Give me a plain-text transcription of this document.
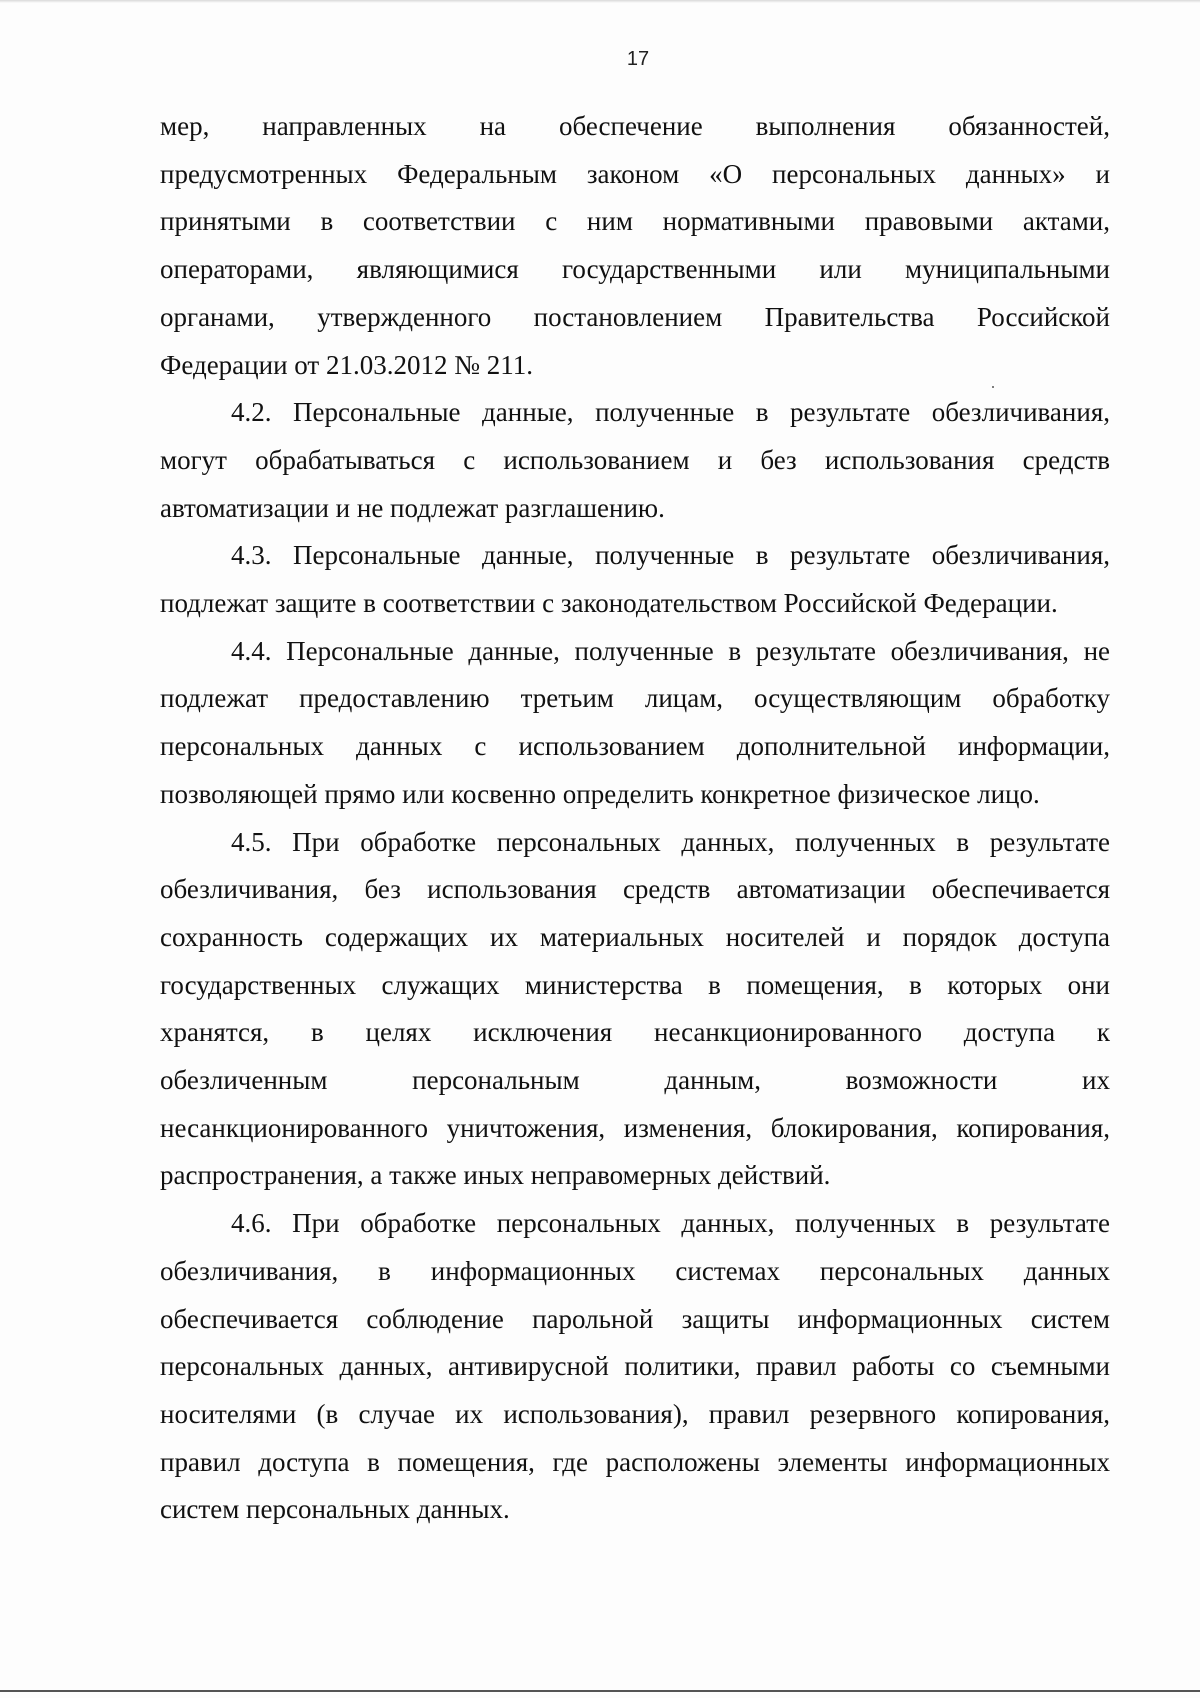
17
мер, направленных на обеспечение выполнения обязанностей,
предусмотренных Федеральным законом «О персональных данных» и
принятыми в соответствии с ним нормативными правовыми актами,
операторами, являющимися государственными или муниципальными
органами, утвержденного постановлением Правительства Российской
Федерации от 21.03.2012 № 211.
4.2. Персональные данные, полученные в результате обезличивания,
могут обрабатываться с использованием и без использования средств
автоматизации и не подлежат разглашению.
4.3. Персональные данные, полученные в результате обезличивания,
подлежат защите в соответствии с законодательством Российской Федерации.
4.4. Персональные данные, полученные в результате обезличивания, не
подлежат предоставлению третьим лицам, осуществляющим обработку
персональных данных с использованием дополнительной информации,
позволяющей прямо или косвенно определить конкретное физическое лицо.
4.5. При обработке персональных данных, полученных в результате
обезличивания, без использования средств автоматизации обеспечивается
сохранность содержащих их материальных носителей и порядок доступа
государственных служащих министерства в помещения, в которых они
хранятся, в целях исключения несанкционированного доступа к
обезличенным персональным данным, возможности их
несанкционированного уничтожения, изменения, блокирования, копирования,
распространения, а также иных неправомерных действий.
4.6. При обработке персональных данных, полученных в результате
обезличивания, в информационных системах персональных данных
обеспечивается соблюдение парольной защиты информационных систем
персональных данных, антивирусной политики, правил работы со съемными
носителями (в случае их использования), правил резервного копирования,
правил доступа в помещения, где расположены элементы информационных
систем персональных данных.
